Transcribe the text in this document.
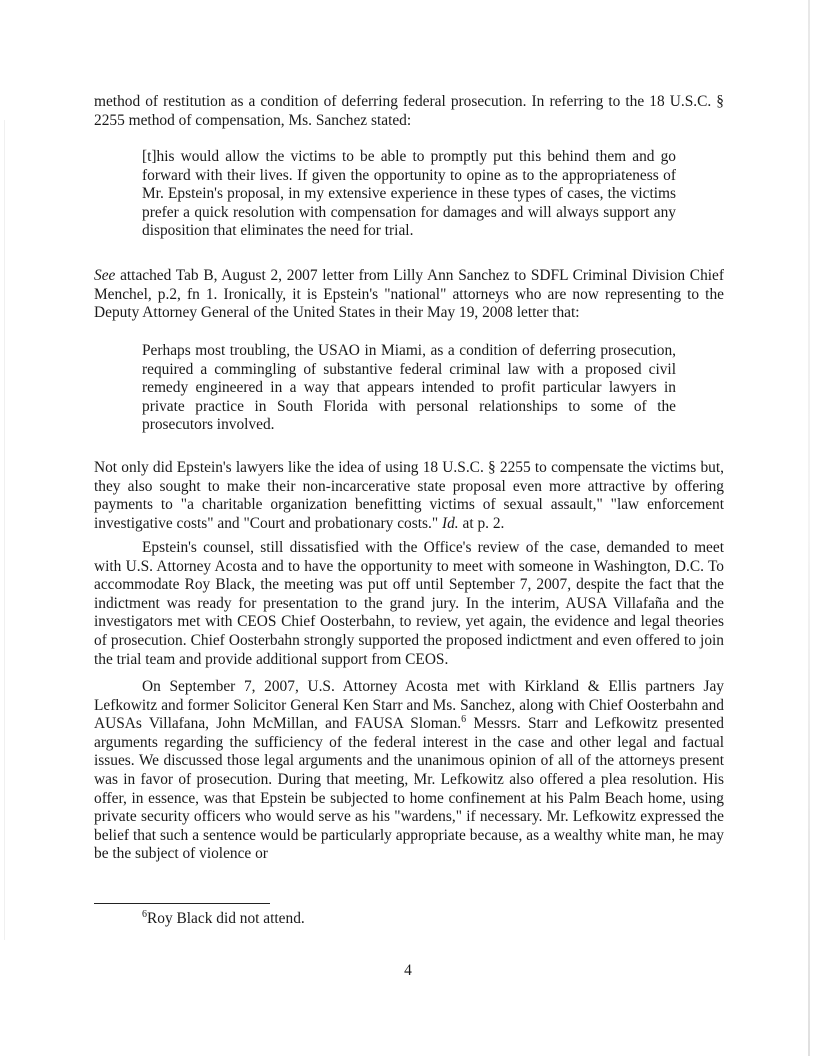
method of restitution as a condition of deferring federal prosecution. In referring to the 18 U.S.C. § 2255 method of compensation, Ms. Sanchez stated:

[t]his would allow the victims to be able to promptly put this behind them and go forward with their lives. If given the opportunity to opine as to the appropriateness of Mr. Epstein's proposal, in my extensive experience in these types of cases, the victims prefer a quick resolution with compensation for damages and will always support any disposition that eliminates the need for trial.

See attached Tab B, August 2, 2007 letter from Lilly Ann Sanchez to SDFL Criminal Division Chief Menchel, p.2, fn 1. Ironically, it is Epstein's "national" attorneys who are now representing to the Deputy Attorney General of the United States in their May 19, 2008 letter that:

Perhaps most troubling, the USAO in Miami, as a condition of deferring prosecution, required a commingling of substantive federal criminal law with a proposed civil remedy engineered in a way that appears intended to profit particular lawyers in private practice in South Florida with personal relationships to some of the prosecutors involved.

Not only did Epstein's lawyers like the idea of using 18 U.S.C. § 2255 to compensate the victims but, they also sought to make their non-incarcerative state proposal even more attractive by offering payments to "a charitable organization benefitting victims of sexual assault," "law enforcement investigative costs" and "Court and probationary costs." Id. at p. 2.

Epstein's counsel, still dissatisfied with the Office's review of the case, demanded to meet with U.S. Attorney Acosta and to have the opportunity to meet with someone in Washington, D.C. To accommodate Roy Black, the meeting was put off until September 7, 2007, despite the fact that the indictment was ready for presentation to the grand jury. In the interim, AUSA Villafaña and the investigators met with CEOS Chief Oosterbahn, to review, yet again, the evidence and legal theories of prosecution. Chief Oosterbahn strongly supported the proposed indictment and even offered to join the trial team and provide additional support from CEOS.

On September 7, 2007, U.S. Attorney Acosta met with Kirkland & Ellis partners Jay Lefkowitz and former Solicitor General Ken Starr and Ms. Sanchez, along with Chief Oosterbahn and AUSAs Villafana, John McMillan, and FAUSA Sloman.$^6$ Messrs. Starr and Lefkowitz presented arguments regarding the sufficiency of the federal interest in the case and other legal and factual issues. We discussed those legal arguments and the unanimous opinion of all of the attorneys present was in favor of prosecution. During that meeting, Mr. Lefkowitz also offered a plea resolution. His offer, in essence, was that Epstein be subjected to home confinement at his Palm Beach home, using private security officers who would serve as his "wardens," if necessary. Mr. Lefkowitz expressed the belief that such a sentence would be particularly appropriate because, as a wealthy white man, he may be the subject of violence or

$^6$Roy Black did not attend.

4
